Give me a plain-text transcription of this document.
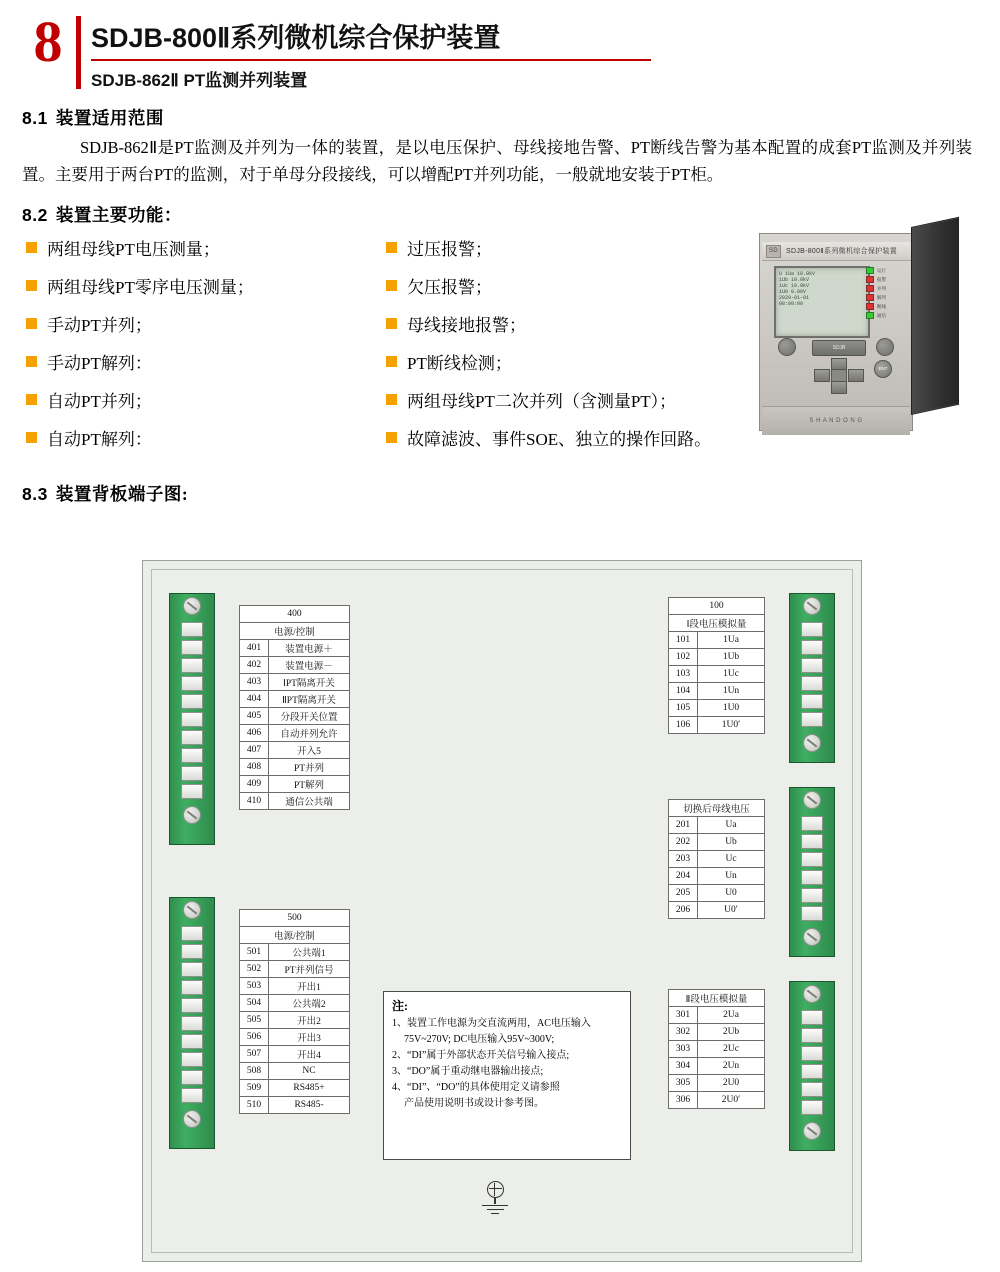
8	SDJB-800Ⅱ系列微机综合保护装置
SDJB-862Ⅱ PT监测并列装置
8.1 装置适用范围
SDJB-862Ⅱ是PT监测及并列为一体的装置，是以电压保护、母线接地告警、PT断线告警为基本配置的成套PT监测及并列装置。主要用于两台PT的监测，对于单母分段接线，可以增配PT并列功能，一般就地安装于PT柜。
8.2 装置主要功能：
两组母线PT电压测量；
两组母线PT零序电压测量；
手动PT并列；
手动PT解列：
自动PT并列；
自动PT解列：
过压报警；
欠压报警；
母线接地报警；
PT断线检测；
两组母线PT二次并列（含测量PT）；
故障滤波、事件SOE、独立的操作回路。
SD	SDJB-800Ⅱ系列微机综合保护装置
U 1Ua 10.0kV
1Ub 10.0kV
1Uc 10.0kV
1U0 0.00V
2020-01-01
08:00:00
运行
报警
并列
解列
断线
通信
SDJB
ENT
S H A N D O N G
8.3 装置背板端子图:
400	
电源/控制	
401	装置电源＋
402	装置电源－
403	ⅠPT隔离开关
404	ⅡPT隔离开关
405	分段开关位置
406	自动并列允许
407	开入5
408	PT并列
409	PT解列
410	通信公共端
500	
电源/控制	
501	公共端1
502	PT并列信号
503	开出1
504	公共端2
505	开出2
506	开出3
507	开出4
508	NC
509	RS485+
510	RS485-
100	
Ⅰ段电压模拟量	
101	1Ua
102	1Ub
103	1Uc
104	1Un
105	1U0
106	1U0′
切换后母线电压	
201	Ua
202	Ub
203	Uc
204	Un
205	U0
206	U0′
Ⅱ段电压模拟量	
301	2Ua
302	2Ub
303	2Uc
304	2Un
305	2U0
306	2U0′
注:
1、装置工作电源为交直流两用，AC电压输入
75V~270V; DC电压输入95V~300V;
2、“DI”属于外部状态开关信号输入接点;
3、“DO”属于重动继电器输出接点;
4、“DI”、“DO”的具体使用定义请参照
产品使用说明书或设计参考图。
